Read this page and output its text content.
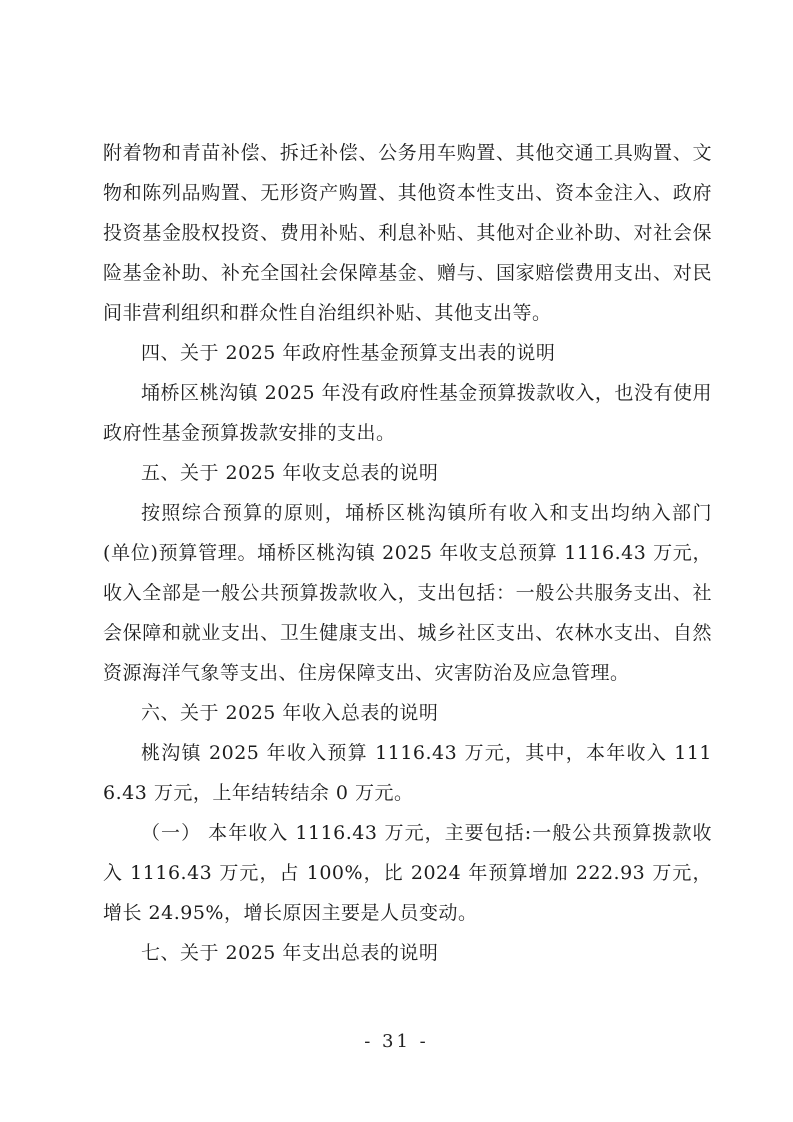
附着物和青苗补偿、拆迁补偿、公务用车购置、其他交通工具购置、文物和陈列品购置、无形资产购置、其他资本性支出、资本金注入、政府投资基金股权投资、费用补贴、利息补贴、其他对企业补助、对社会保险基金补助、补充全国社会保障基金、赠与、国家赔偿费用支出、对民间非营利组织和群众性自治组织补贴、其他支出等。

四、关于 2025 年政府性基金预算支出表的说明

埇桥区桃沟镇 2025 年没有政府性基金预算拨款收入，也没有使用政府性基金预算拨款安排的支出。

五、关于 2025 年收支总表的说明

按照综合预算的原则，埇桥区桃沟镇所有收入和支出均纳入部门(单位)预算管理。埇桥区桃沟镇 2025 年收支总预算 1116.43 万元，收入全部是一般公共预算拨款收入，支出包括：一般公共服务支出、社会保障和就业支出、卫生健康支出、城乡社区支出、农林水支出、自然资源海洋气象等支出、住房保障支出、灾害防治及应急管理。

六、关于 2025 年收入总表的说明

桃沟镇 2025 年收入预算 1116.43 万元，其中，本年收入 1116.43 万元，上年结转结余 0 万元。

（一） 本年收入 1116.43 万元，主要包括:一般公共预算拨款收入 1116.43 万元，占 100%，比 2024 年预算增加 222.93 万元，增长 24.95%，增长原因主要是人员变动。

七、关于 2025 年支出总表的说明

- 31 -
